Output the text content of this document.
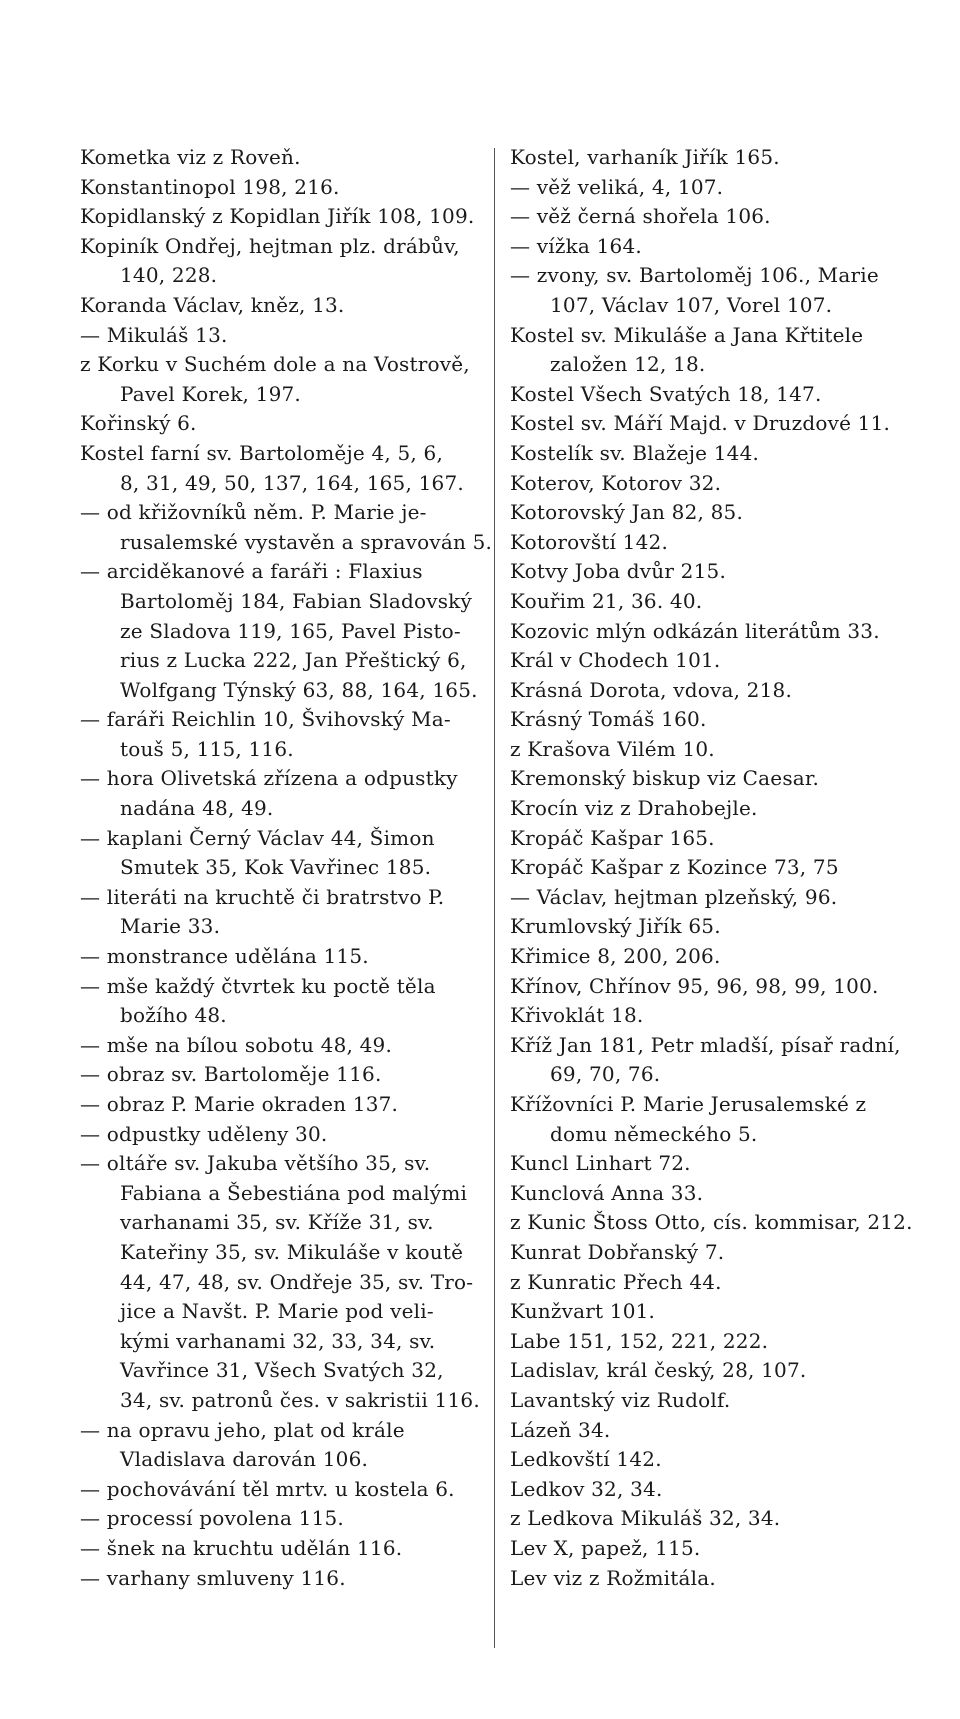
Kometka viz z Roveň.
Konstantinopol 198, 216.
Kopidlanský z Kopidlan Jiřík 108, 109.
Kopiník Ondřej, hejtman plz. drábův,
140, 228.
Koranda Václav, kněz, 13.
— Mikuláš 13.
z Korku v Suchém dole a na Vostrově,
Pavel Korek, 197.
Kořinský 6.
Kostel farní sv. Bartoloměje 4, 5, 6,
8, 31, 49, 50, 137, 164, 165, 167.
— od křižovníků něm. P. Marie je-
rusalemské vystavěn a spravován 5.
— arciděkanové a faráři : Flaxius
Bartoloměj 184, Fabian Sladovský
ze Sladova 119, 165, Pavel Pisto-
rius z Lucka 222, Jan Přeštický 6,
Wolfgang Týnský 63, 88, 164, 165.
— faráři Reichlin 10, Švihovský Ma-
touš 5, 115, 116.
— hora Olivetská zřízena a odpustky
nadána 48, 49.
— kaplani Černý Václav 44, Šimon
Smutek 35, Kok Vavřinec 185.
— literáti na kruchtě či bratrstvo P.
Marie 33.
— monstrance udělána 115.
— mše každý čtvrtek ku poctě těla
božího 48.
— mše na bílou sobotu 48, 49.
— obraz sv. Bartoloměje 116.
— obraz P. Marie okraden 137.
— odpustky uděleny 30.
— oltáře sv. Jakuba většího 35, sv.
Fabiana a Šebestiána pod malými
varhanami 35, sv. Kříže 31, sv.
Kateřiny 35, sv. Mikuláše v koutě
44, 47, 48, sv. Ondřeje 35, sv. Tro-
jice a Navšt. P. Marie pod veli-
kými varhanami 32, 33, 34, sv.
Vavřince 31, Všech Svatých 32,
34, sv. patronů čes. v sakristii 116.
— na opravu jeho, plat od krále
Vladislava darován 106.
— pochovávání těl mrtv. u kostela 6.
— processí povolena 115.
— šnek na kruchtu udělán 116.
— varhany smluveny 116.
Kostel, varhaník Jiřík 165.
— věž veliká, 4, 107.
— věž černá shořela 106.
— vížka 164.
— zvony, sv. Bartoloměj 106., Marie
107, Václav 107, Vorel 107.
Kostel sv. Mikuláše a Jana Křtitele
založen 12, 18.
Kostel Všech Svatých 18, 147.
Kostel sv. Máří Majd. v Druzdové 11.
Kostelík sv. Blažeje 144.
Koterov, Kotorov 32.
Kotorovský Jan 82, 85.
Kotorovští 142.
Kotvy Joba dvůr 215.
Kouřim 21, 36. 40.
Kozovic mlýn odkázán literátům 33.
Král v Chodech 101.
Krásná Dorota, vdova, 218.
Krásný Tomáš 160.
z Krašova Vilém 10.
Kremonský biskup viz Caesar.
Krocín viz z Drahobejle.
Kropáč Kašpar 165.
Kropáč Kašpar z Kozince 73, 75
— Václav, hejtman plzeňský, 96.
Krumlovský Jiřík 65.
Křimice 8, 200, 206.
Křínov, Chřínov 95, 96, 98, 99, 100.
Křivoklát 18.
Kříž Jan 181, Petr mladší, písař radní,
69, 70, 76.
Křížovníci P. Marie Jerusalemské z
domu německého 5.
Kuncl Linhart 72.
Kunclová Anna 33.
z Kunic Štoss Otto, cís. kommisar, 212.
Kunrat Dobřanský 7.
z Kunratic Přech 44.
Kunžvart 101.
Labe 151, 152, 221, 222.
Ladislav, král český, 28, 107.
Lavantský viz Rudolf.
Lázeň 34.
Ledkovští 142.
Ledkov 32, 34.
z Ledkova Mikuláš 32, 34.
Lev X, papež, 115.
Lev viz z Rožmitála.
